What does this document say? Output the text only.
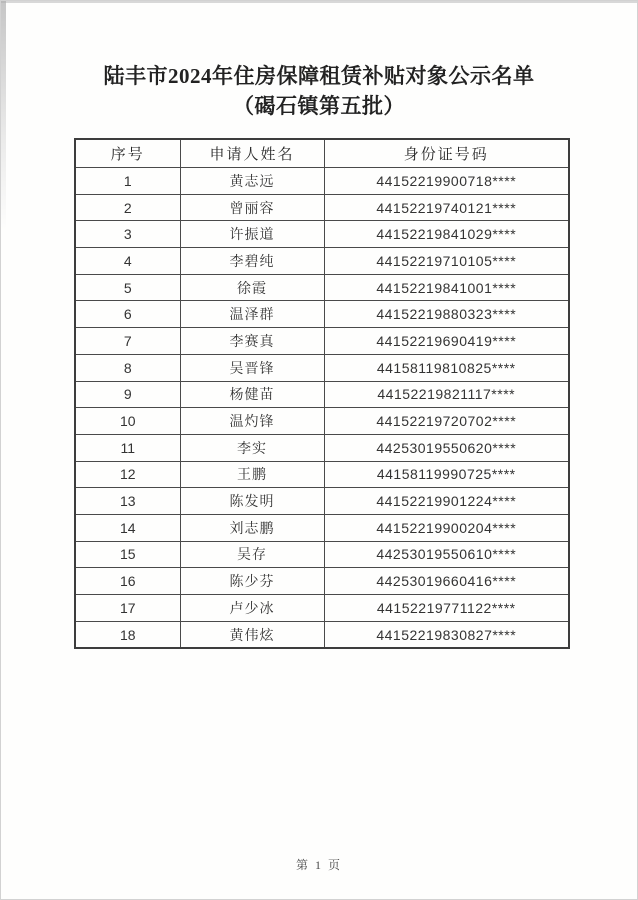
陆丰市2024年住房保障租赁补贴对象公示名单
（碣石镇第五批）
序号	申请人姓名	身份证号码
1	黄志远	44152219900718****
2	曾丽容	44152219740121****
3	许振道	44152219841029****
4	李碧纯	44152219710105****
5	徐霞	44152219841001****
6	温泽群	44152219880323****
7	李赛真	44152219690419****
8	吴晋锋	44158119810825****
9	杨健苗	44152219821117****
10	温灼锋	44152219720702****
11	李实	44253019550620****
12	王鹏	44158119990725****
13	陈发明	44152219901224****
14	刘志鹏	44152219900204****
15	吴存	44253019550610****
16	陈少芬	44253019660416****
17	卢少冰	44152219771122****
18	黄伟炫	44152219830827****
第 1 页
